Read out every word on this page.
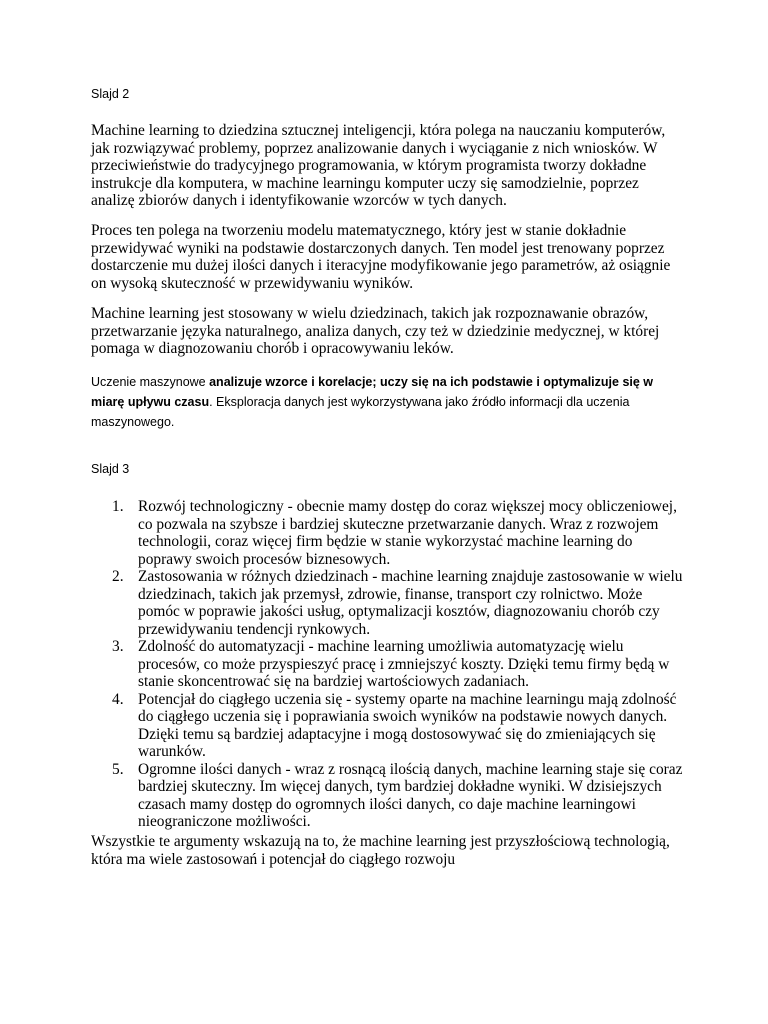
Slajd 2

Machine learning to dziedzina sztucznej inteligencji, która polega na nauczaniu komputerów, jak rozwiązywać problemy, poprzez analizowanie danych i wyciąganie z nich wniosków. W przeciwieństwie do tradycyjnego programowania, w którym programista tworzy dokładne instrukcje dla komputera, w machine learningu komputer uczy się samodzielnie, poprzez analizę zbiorów danych i identyfikowanie wzorców w tych danych.

Proces ten polega na tworzeniu modelu matematycznego, który jest w stanie dokładnie przewidywać wyniki na podstawie dostarczonych danych. Ten model jest trenowany poprzez dostarczenie mu dużej ilości danych i iteracyjne modyfikowanie jego parametrów, aż osiągnie on wysoką skuteczność w przewidywaniu wyników.

Machine learning jest stosowany w wielu dziedzinach, takich jak rozpoznawanie obrazów, przetwarzanie języka naturalnego, analiza danych, czy też w dziedzinie medycznej, w której pomaga w diagnozowaniu chorób i opracowywaniu leków.

Uczenie maszynowe analizuje wzorce i korelacje; uczy się na ich podstawie i optymalizuje się w miarę upływu czasu. Eksploracja danych jest wykorzystywana jako źródło informacji dla uczenia maszynowego.

Slajd 3

1. Rozwój technologiczny - obecnie mamy dostęp do coraz większej mocy obliczeniowej, co pozwala na szybsze i bardziej skuteczne przetwarzanie danych. Wraz z rozwojem technologii, coraz więcej firm będzie w stanie wykorzystać machine learning do poprawy swoich procesów biznesowych.
2. Zastosowania w różnych dziedzinach - machine learning znajduje zastosowanie w wielu dziedzinach, takich jak przemysł, zdrowie, finanse, transport czy rolnictwo. Może pomóc w poprawie jakości usług, optymalizacji kosztów, diagnozowaniu chorób czy przewidywaniu tendencji rynkowych.
3. Zdolność do automatyzacji - machine learning umożliwia automatyzację wielu procesów, co może przyspieszyć pracę i zmniejszyć koszty. Dzięki temu firmy będą w stanie skoncentrować się na bardziej wartościowych zadaniach.
4. Potencjał do ciągłego uczenia się - systemy oparte na machine learningu mają zdolność do ciągłego uczenia się i poprawiania swoich wyników na podstawie nowych danych. Dzięki temu są bardziej adaptacyjne i mogą dostosowywać się do zmieniających się warunków.
5. Ogromne ilości danych - wraz z rosnącą ilością danych, machine learning staje się coraz bardziej skuteczny. Im więcej danych, tym bardziej dokładne wyniki. W dzisiejszych czasach mamy dostęp do ogromnych ilości danych, co daje machine learningowi nieograniczone możliwości.

Wszystkie te argumenty wskazują na to, że machine learning jest przyszłościową technologią, która ma wiele zastosowań i potencjał do ciągłego rozwoju
